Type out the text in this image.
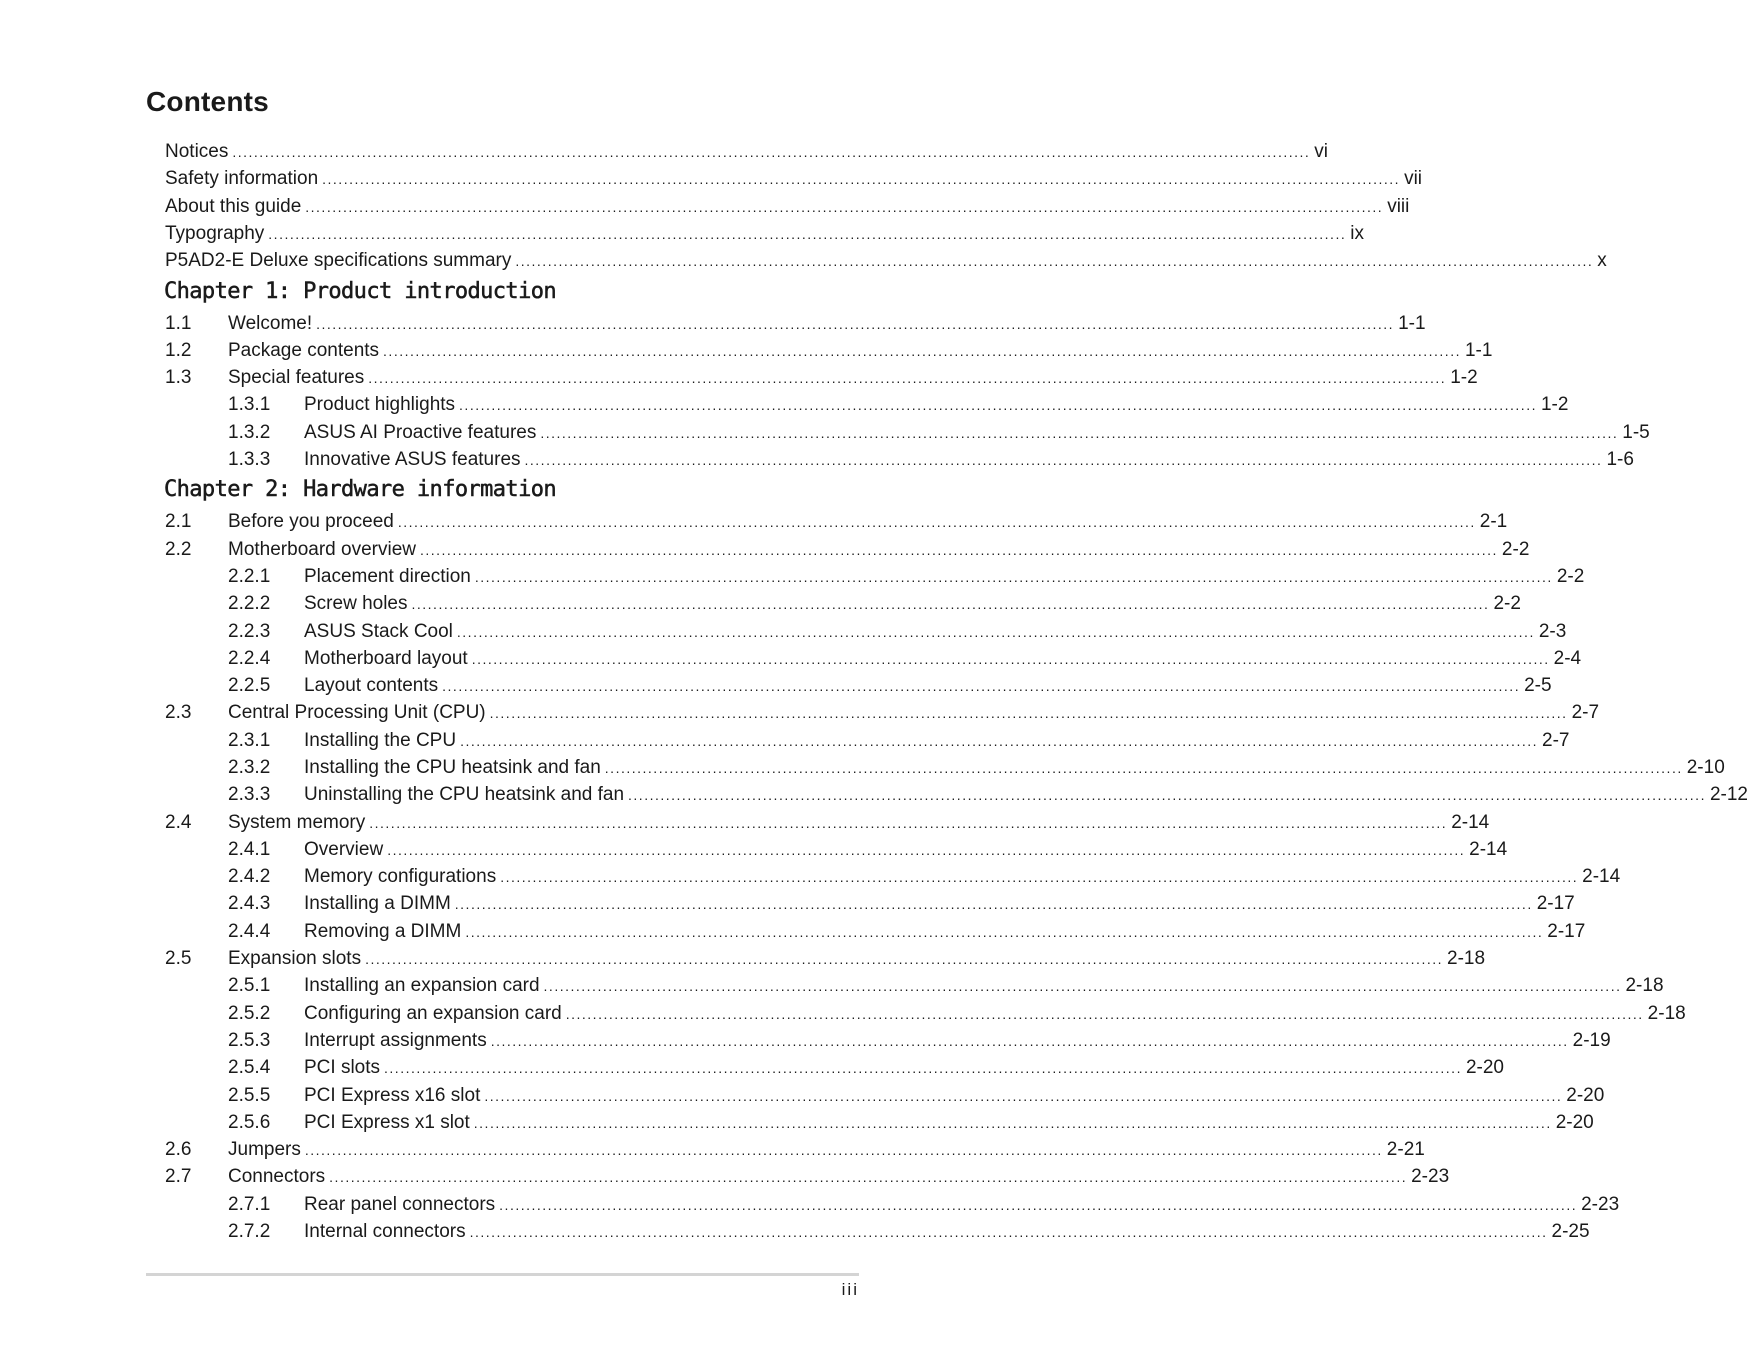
Contents
Notices ........................................................................................................................................................................................................ vi
Safety information ........................................................................................................................................................................................................ vii
About this guide ........................................................................................................................................................................................................ viii
Typography ........................................................................................................................................................................................................ ix
P5AD2-E Deluxe specifications summary ........................................................................................................................................................................................................ x
Chapter 1: Product introduction
1.1	Welcome! ........................................................................................................................................................................................................ 1-1
1.2	Package contents ........................................................................................................................................................................................................ 1-1
1.3	Special features ........................................................................................................................................................................................................ 1-2
1.3.1	Product highlights ........................................................................................................................................................................................................ 1-2
1.3.2	ASUS AI Proactive features ........................................................................................................................................................................................................ 1-5
1.3.3	Innovative ASUS features ........................................................................................................................................................................................................ 1-6
Chapter 2: Hardware information
2.1	Before you proceed ........................................................................................................................................................................................................ 2-1
2.2	Motherboard overview ........................................................................................................................................................................................................ 2-2
2.2.1	Placement direction ........................................................................................................................................................................................................ 2-2
2.2.2	Screw holes ........................................................................................................................................................................................................ 2-2
2.2.3	ASUS Stack Cool ........................................................................................................................................................................................................ 2-3
2.2.4	Motherboard layout ........................................................................................................................................................................................................ 2-4
2.2.5	Layout contents ........................................................................................................................................................................................................ 2-5
2.3	Central Processing Unit (CPU) ........................................................................................................................................................................................................ 2-7
2.3.1	Installing the CPU ........................................................................................................................................................................................................ 2-7
2.3.2	Installing the CPU heatsink and fan ........................................................................................................................................................................................................ 2-10
2.3.3	Uninstalling the CPU heatsink and fan ........................................................................................................................................................................................................ 2-12
2.4	System memory ........................................................................................................................................................................................................ 2-14
2.4.1	Overview ........................................................................................................................................................................................................ 2-14
2.4.2	Memory configurations ........................................................................................................................................................................................................ 2-14
2.4.3	Installing a DIMM ........................................................................................................................................................................................................ 2-17
2.4.4	Removing a DIMM ........................................................................................................................................................................................................ 2-17
2.5	Expansion slots ........................................................................................................................................................................................................ 2-18
2.5.1	Installing an expansion card ........................................................................................................................................................................................................ 2-18
2.5.2	Configuring an expansion card ........................................................................................................................................................................................................ 2-18
2.5.3	Interrupt assignments ........................................................................................................................................................................................................ 2-19
2.5.4	PCI slots ........................................................................................................................................................................................................ 2-20
2.5.5	PCI Express x16 slot ........................................................................................................................................................................................................ 2-20
2.5.6	PCI Express x1 slot ........................................................................................................................................................................................................ 2-20
2.6	Jumpers ........................................................................................................................................................................................................ 2-21
2.7	Connectors ........................................................................................................................................................................................................ 2-23
2.7.1	Rear panel connectors ........................................................................................................................................................................................................ 2-23
2.7.2	Internal connectors ........................................................................................................................................................................................................ 2-25
iii
